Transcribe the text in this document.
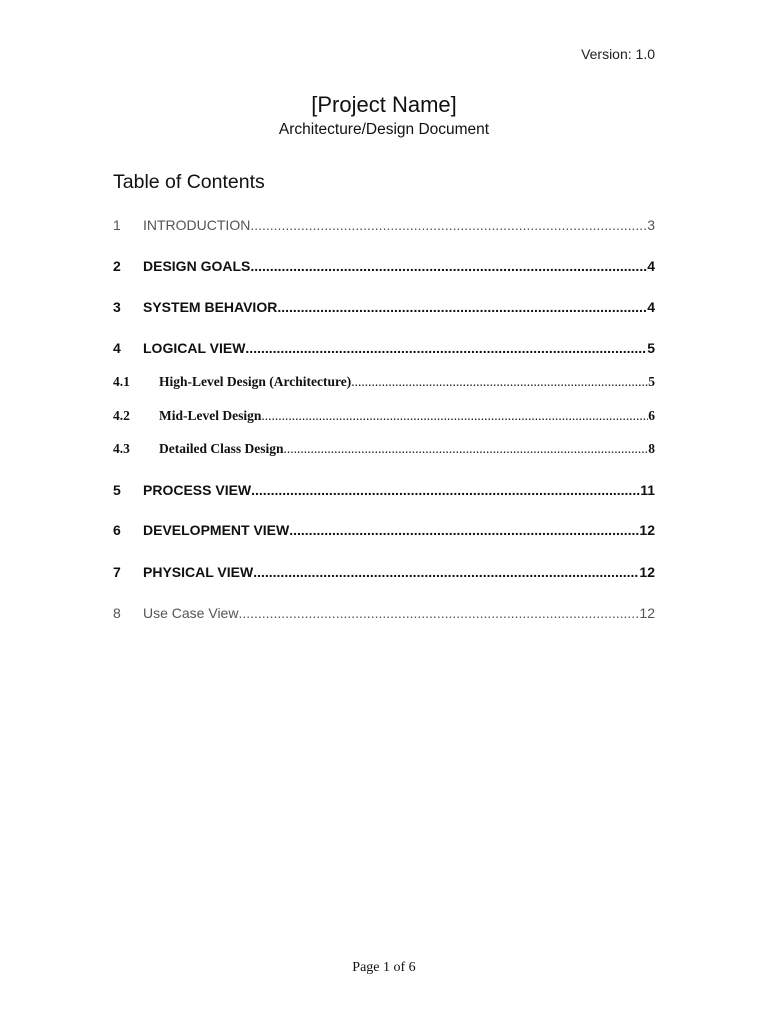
Version: 1.0
[Project Name]
Architecture/Design Document
Table of Contents
1	INTRODUCTION .....	3
2	DESIGN GOALS .....	4
3	SYSTEM BEHAVIOR .....	4
4	LOGICAL VIEW .....	5
4.1	High-Level Design (Architecture) .....	5
4.2	Mid-Level Design .....	6
4.3	Detailed Class Design .....	8
5	PROCESS VIEW .....	11
6	DEVELOPMENT VIEW .....	12
7	PHYSICAL VIEW .....	12
8	Use Case View .....	12
Page 1 of 6
